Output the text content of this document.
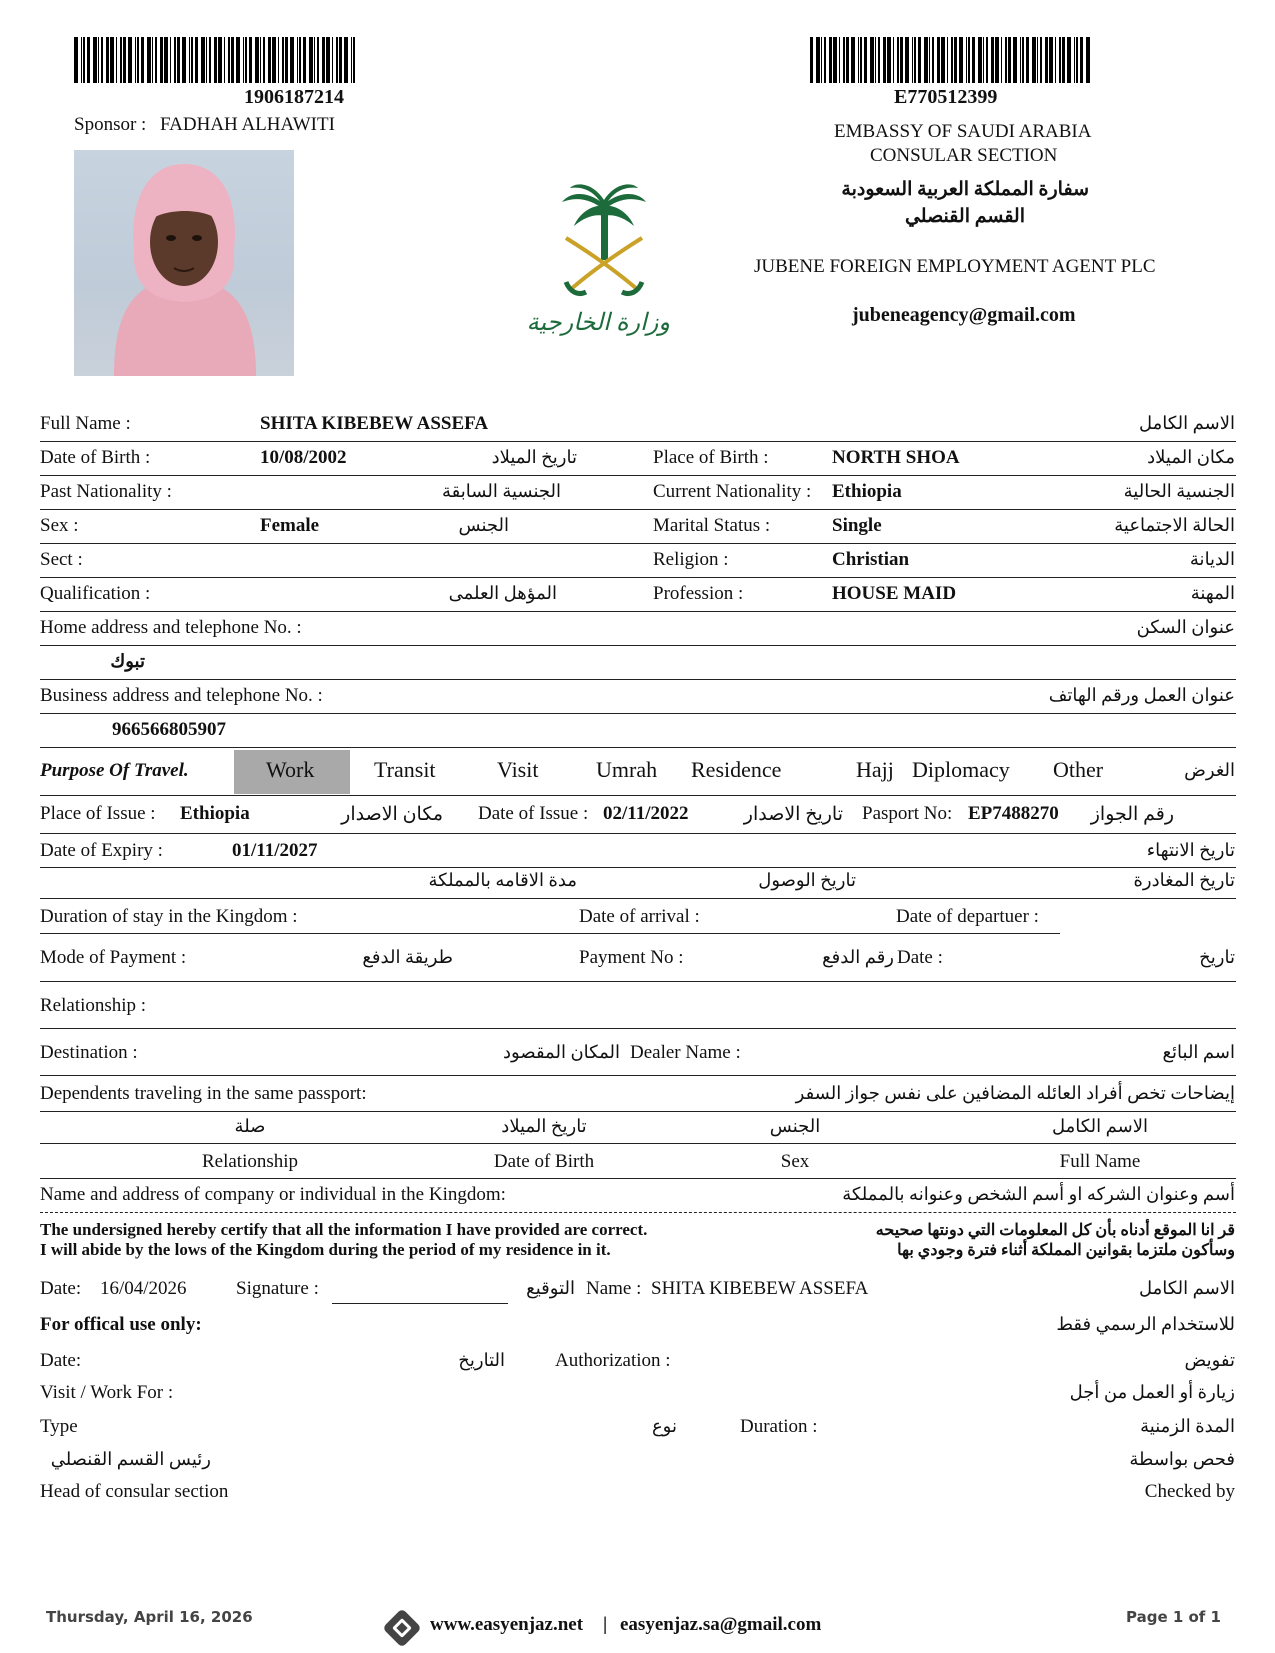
1906187214
Sponsor : FADHAH ALHAWITI
وزارة الخارجية
E770512399
EMBASSY OF SAUDI ARABIA
CONSULAR SECTION
سفارة المملكة العربية السعودبة
القسم القنصلي
JUBENE FOREIGN EMPLOYMENT AGENT PLC
jubeneagency@gmail.com
Full Name :	SHITA KIBEBEW ASSEFA	الاسم الكامل
Date of Birth :	10/08/2002	تاريخ الميلاد	Place of Birth :	NORTH SHOA	مكان الميلاد
Past Nationality :	الجنسية السابقة	Current Nationality : Ethiopia	الجنسية الحالية
Sex :	Female	الجنس	Marital Status :	Single	الحالة الاجتماعية
Sect :	Religion :	Christian	الديانة
Qualification :	المؤهل العلمى	Profession :	HOUSE MAID	المهنة
Home address and telephone No. :	عنوان السكن
تبوك
Business address and telephone No. :	عنوان العمل ورقم الهاتف
966566805907
Purpose Of Travel.	Work	Transit	Visit	Umrah Residence	Hajj Diplomacy Other	الغرض
Place of Issue : Ethiopia	مكان الاصدار Date of Issue : 02/11/2022	تاريخ الاصدار Pasport No: EP7488270 رقم الجواز
Date of Expiry :	01/11/2027	تاريخ الانتهاء
مدة الاقامه بالمملكة	تاريخ الوصول	تاريخ المغادرة
Duration of stay in the Kingdom :	Date of arrival :	Date of departuer :
Mode of Payment :	طريقة الدفع	Payment No :	رقم الدفع Date :	تاريخ
Relationship :
Destination :	المكان المقصود Dealer Name :	اسم البائع
Dependents traveling in the same passport:	إيضاحات تخص أفراد العائله المضافين على نفس جواز السفر
صلة	تاريخ الميلاد	الجنس	الاسم الكامل
Relationship	Date of Birth	Sex	Full Name
Name and address of company or individual in the Kingdom:	أسم وعنوان الشركه او أسم الشخص وعنوانه بالمملكة
The undersigned hereby certify that all the information I have provided are correct.
I will abide by the lows of the Kingdom during the period of my residence in it.
قر انا الموقع أدناه بأن كل المعلومات التي دونتها صحيحه
وسأكون ملتزما بقوانين المملكة أثناء فترة وجودي بها
Date: 16/04/2026	Signature :	التوقيع Name : SHITA KIBEBEW ASSEFA	الاسم الكامل
For offical use only:	للاستخدام الرسمي فقط
Date:	التاريخ	Authorization :	تفويض
Visit / Work For :	زيارة أو العمل من أجل
Type	نوع	Duration :	المدة الزمنية
رئيس القسم القنصلي	فحص بواسطة
Head of consular section	Checked by
Thursday, April 16, 2026	www.easyenjaz.net | easyenjaz.sa@gmail.com	Page 1 of 1
